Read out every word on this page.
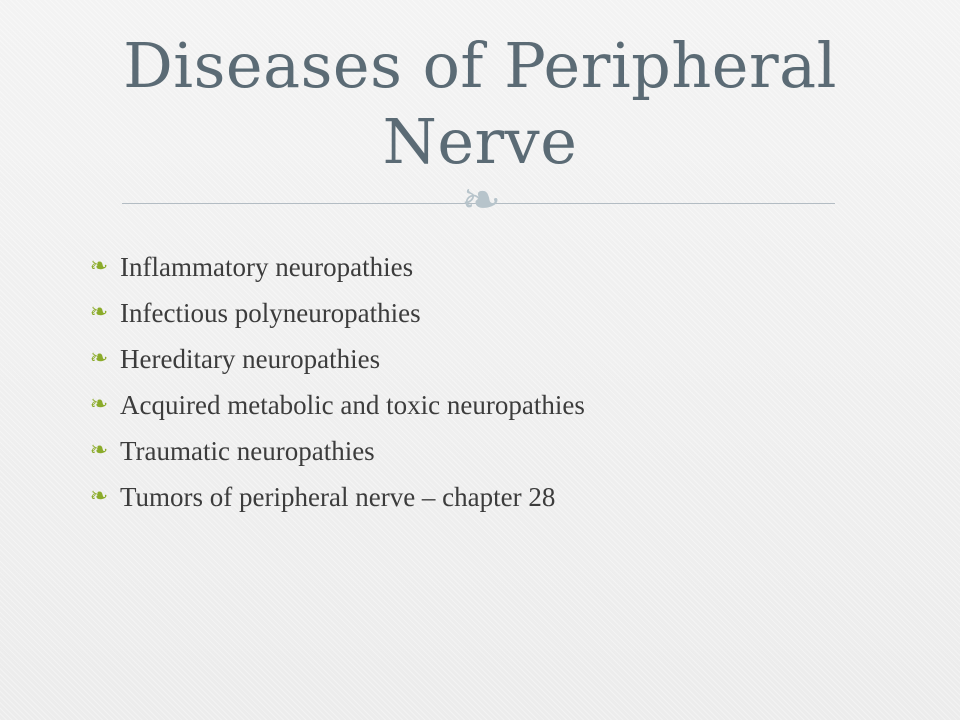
Diseases of Peripheral Nerve
❧
❧ Inflammatory neuropathies
❧ Infectious polyneuropathies
❧ Hereditary neuropathies
❧ Acquired metabolic and toxic neuropathies
❧ Traumatic neuropathies
❧ Tumors of peripheral nerve – chapter 28
